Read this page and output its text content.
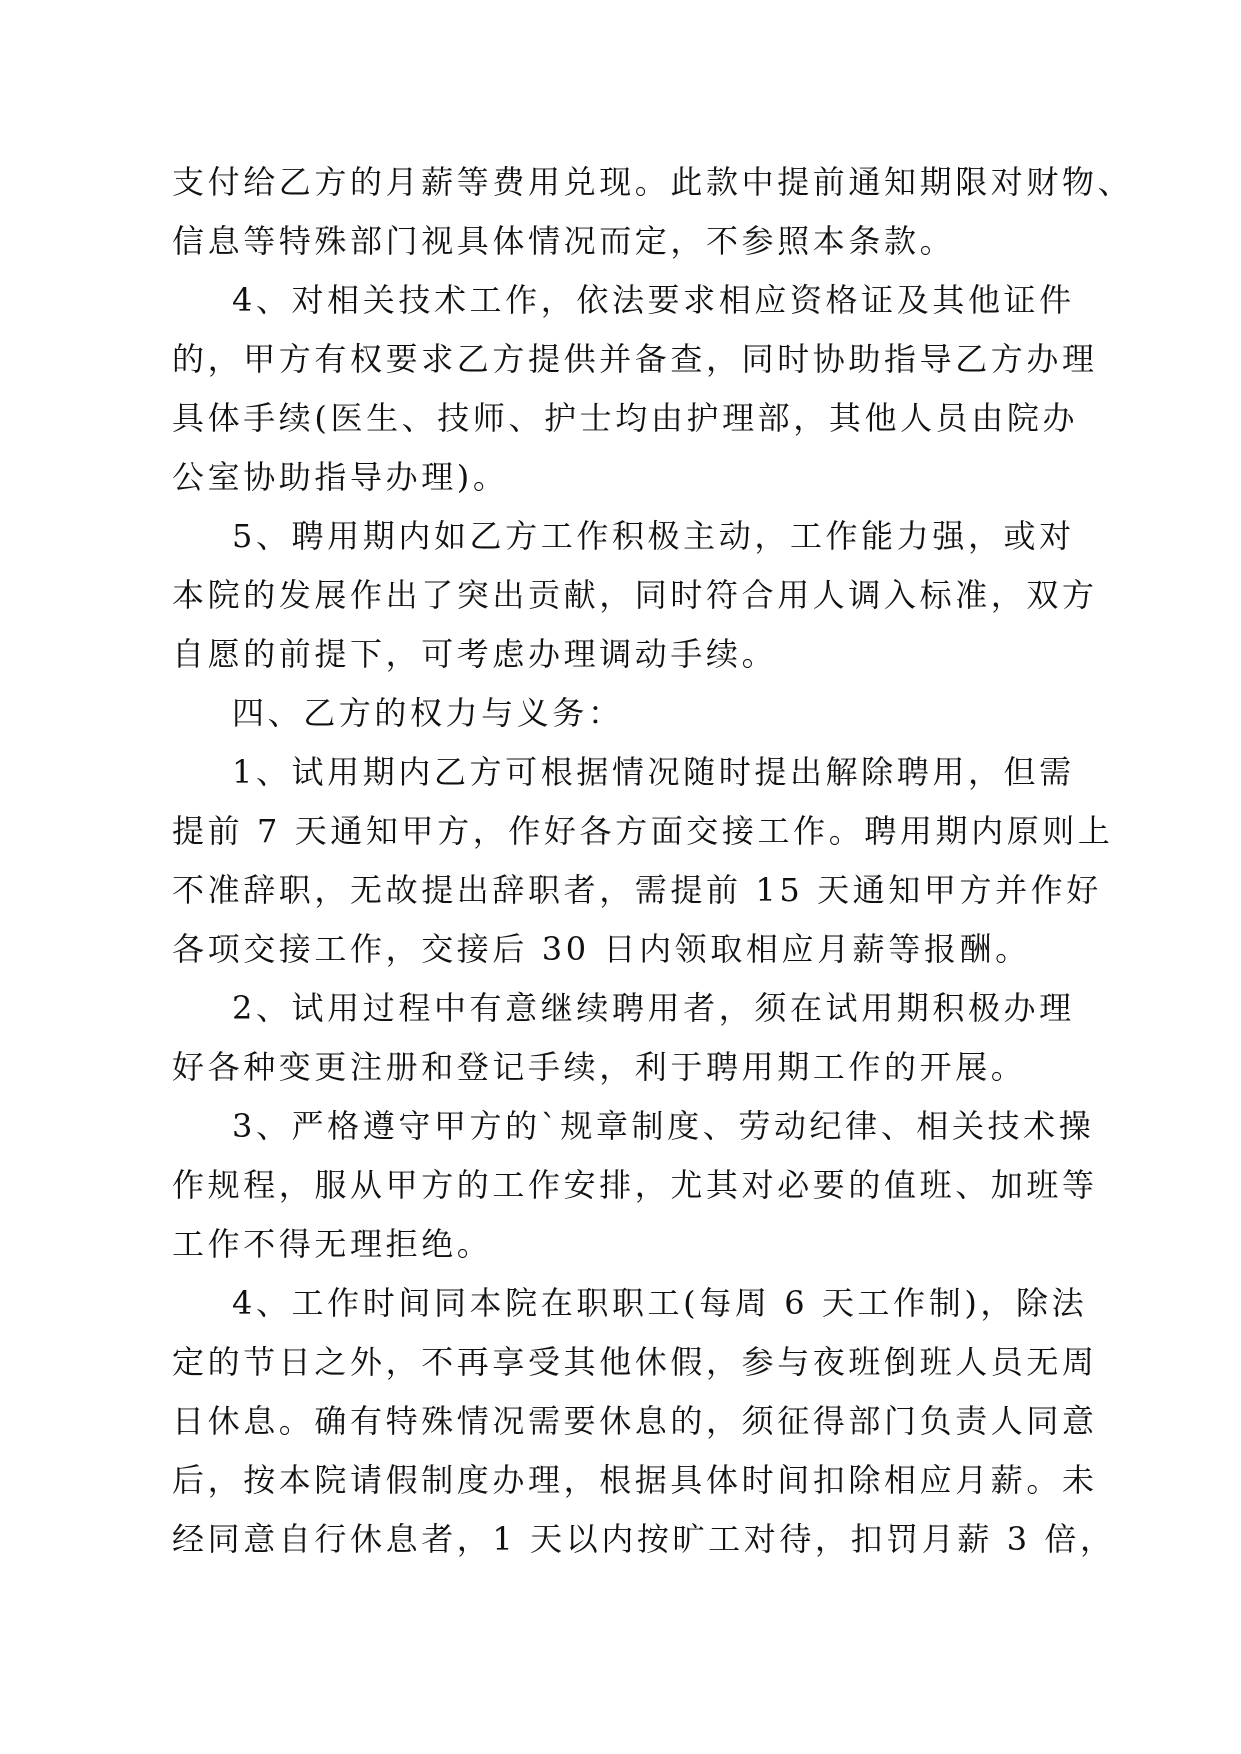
支付给乙方的月薪等费用兑现。此款中提前通知期限对财物、
信息等特殊部门视具体情况而定，不参照本条款。
4、对相关技术工作，依法要求相应资格证及其他证件
的，甲方有权要求乙方提供并备查，同时协助指导乙方办理
具体手续(医生、技师、护士均由护理部，其他人员由院办
公室协助指导办理)。
5、聘用期内如乙方工作积极主动，工作能力强，或对
本院的发展作出了突出贡献，同时符合用人调入标准，双方
自愿的前提下，可考虑办理调动手续。
四、乙方的权力与义务：
1、试用期内乙方可根据情况随时提出解除聘用，但需
提前 7 天通知甲方，作好各方面交接工作。聘用期内原则上
不准辞职，无故提出辞职者，需提前 15 天通知甲方并作好
各项交接工作，交接后 30 日内领取相应月薪等报酬。
2、试用过程中有意继续聘用者，须在试用期积极办理
好各种变更注册和登记手续，利于聘用期工作的开展。
3、严格遵守甲方的`规章制度、劳动纪律、相关技术操
作规程，服从甲方的工作安排，尤其对必要的值班、加班等
工作不得无理拒绝。
4、工作时间同本院在职职工(每周 6 天工作制)，除法
定的节日之外，不再享受其他休假，参与夜班倒班人员无周
日休息。确有特殊情况需要休息的，须征得部门负责人同意
后，按本院请假制度办理，根据具体时间扣除相应月薪。未
经同意自行休息者，1 天以内按旷工对待，扣罚月薪 3 倍，
